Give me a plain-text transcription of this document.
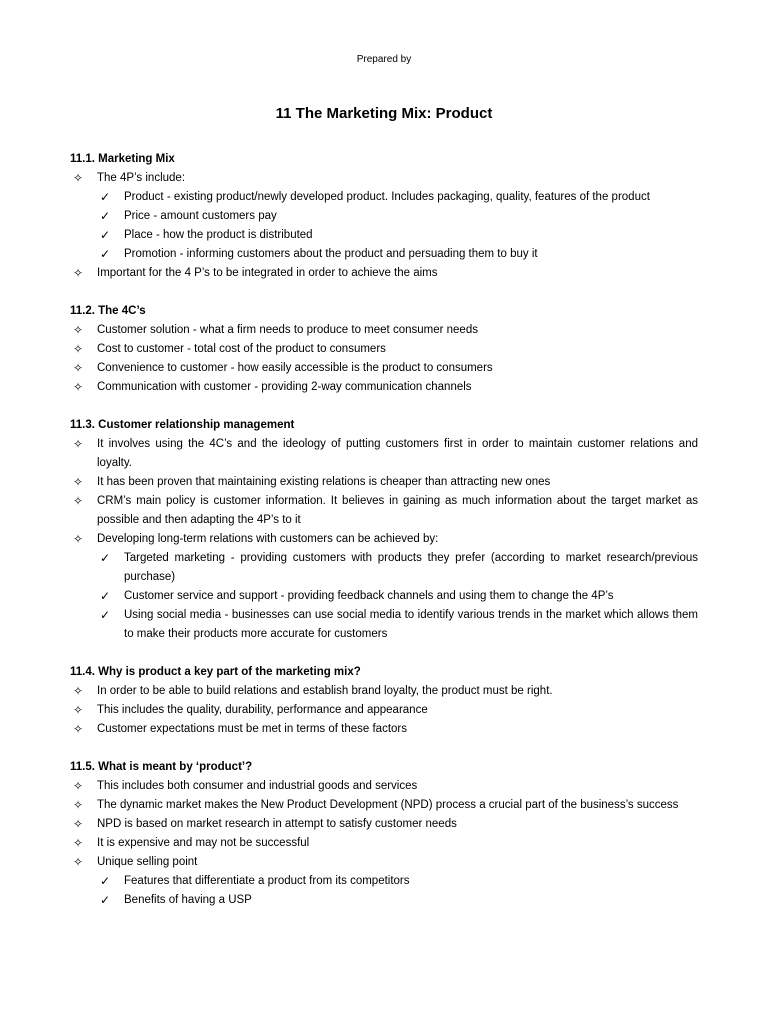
Prepared by
11 The Marketing Mix: Product
11.1. Marketing Mix
✧ The 4P’s include:
✓ Product - existing product/newly developed product. Includes packaging, quality, features of the product
✓ Price - amount customers pay
✓ Place - how the product is distributed
✓ Promotion - informing customers about the product and persuading them to buy it
✧ Important for the 4 P’s to be integrated in order to achieve the aims
11.2. The 4C’s
✧ Customer solution - what a firm needs to produce to meet consumer needs
✧ Cost to customer - total cost of the product to consumers
✧ Convenience to customer - how easily accessible is the product to consumers
✧ Communication with customer - providing 2-way communication channels
11.3. Customer relationship management
✧ It involves using the 4C’s and the ideology of putting customers first in order to maintain customer relations and loyalty.
✧ It has been proven that maintaining existing relations is cheaper than attracting new ones
✧ CRM’s main policy is customer information. It believes in gaining as much information about the target market as possible and then adapting the 4P’s to it
✧ Developing long-term relations with customers can be achieved by:
✓ Targeted marketing - providing customers with products they prefer (according to market research/previous purchase)
✓ Customer service and support - providing feedback channels and using them to change the 4P’s
✓ Using social media - businesses can use social media to identify various trends in the market which allows them to make their products more accurate for customers
11.4. Why is product a key part of the marketing mix?
✧ In order to be able to build relations and establish brand loyalty, the product must be right.
✧ This includes the quality, durability, performance and appearance
✧ Customer expectations must be met in terms of these factors
11.5. What is meant by ‘product’?
✧ This includes both consumer and industrial goods and services
✧ The dynamic market makes the New Product Development (NPD) process a crucial part of the business’s success
✧ NPD is based on market research in attempt to satisfy customer needs
✧ It is expensive and may not be successful
✧ Unique selling point
✓ Features that differentiate a product from its competitors
✓ Benefits of having a USP
